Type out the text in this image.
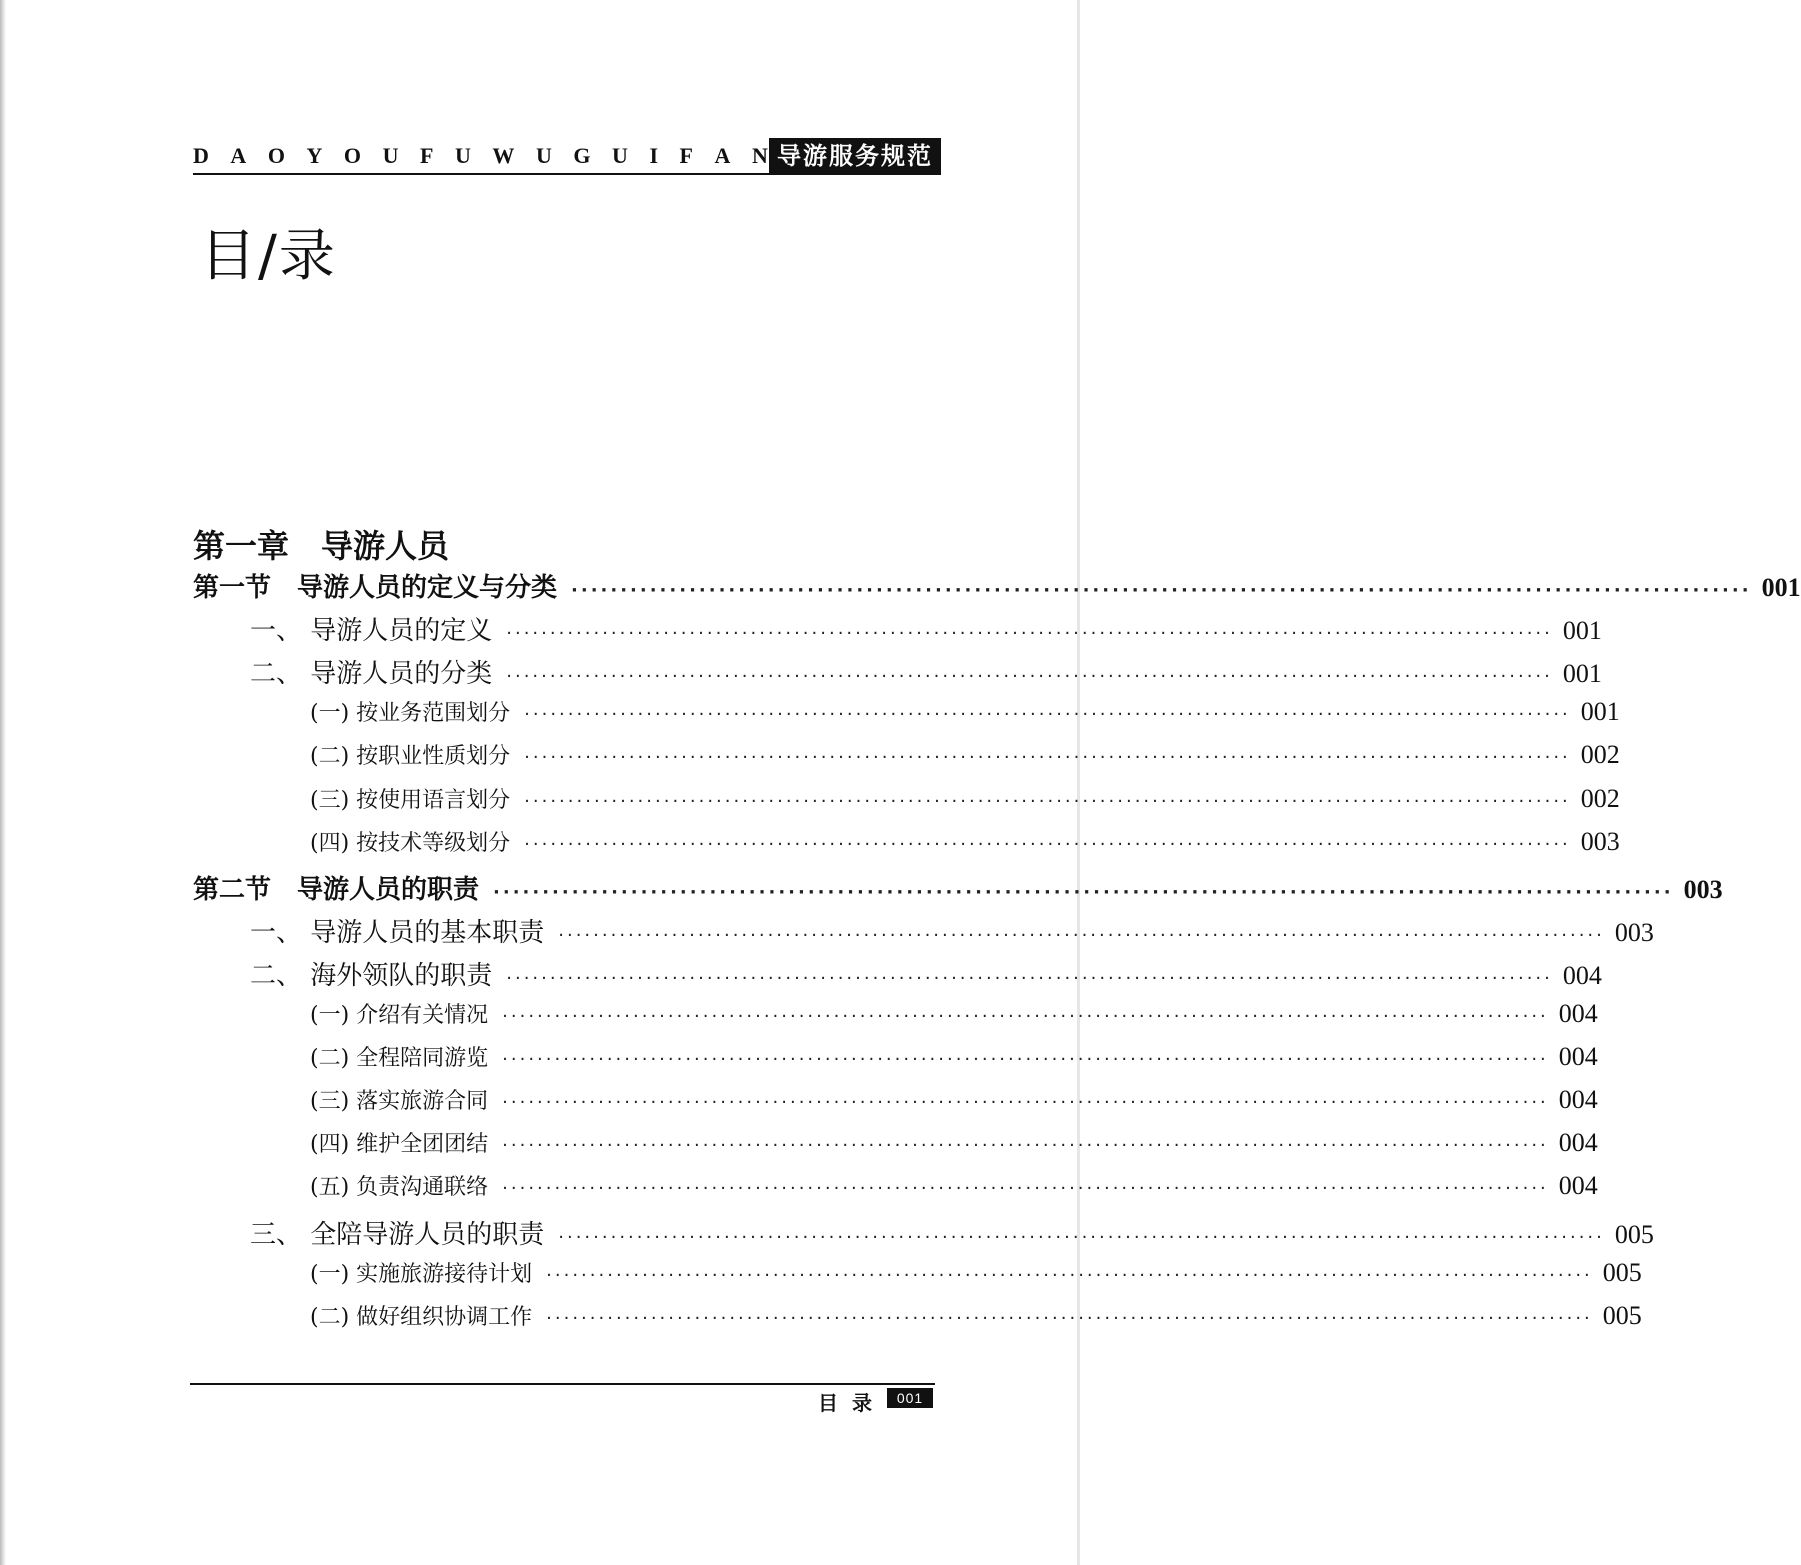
D A O Y O U F U W U G U I F A N 导游服务规范
目/录
第一章　导游人员
第一节　导游人员的定义与分类 ························································································································ 001
一、 导游人员的定义 ························································································································ 001
二、 导游人员的分类 ························································································································ 001
(一) 按业务范围划分 ························································································································ 001
(二) 按职业性质划分 ························································································································ 002
(三) 按使用语言划分 ························································································································ 002
(四) 按技术等级划分 ························································································································ 003
第二节　导游人员的职责 ························································································································ 003
一、 导游人员的基本职责 ························································································································ 003
二、 海外领队的职责 ························································································································ 004
(一) 介绍有关情况 ························································································································ 004
(二) 全程陪同游览 ························································································································ 004
(三) 落实旅游合同 ························································································································ 004
(四) 维护全团团结 ························································································································ 004
(五) 负责沟通联络 ························································································································ 004
三、 全陪导游人员的职责 ························································································································ 005
(一) 实施旅游接待计划 ························································································································ 005
(二) 做好组织协调工作 ························································································································ 005
目录 001
